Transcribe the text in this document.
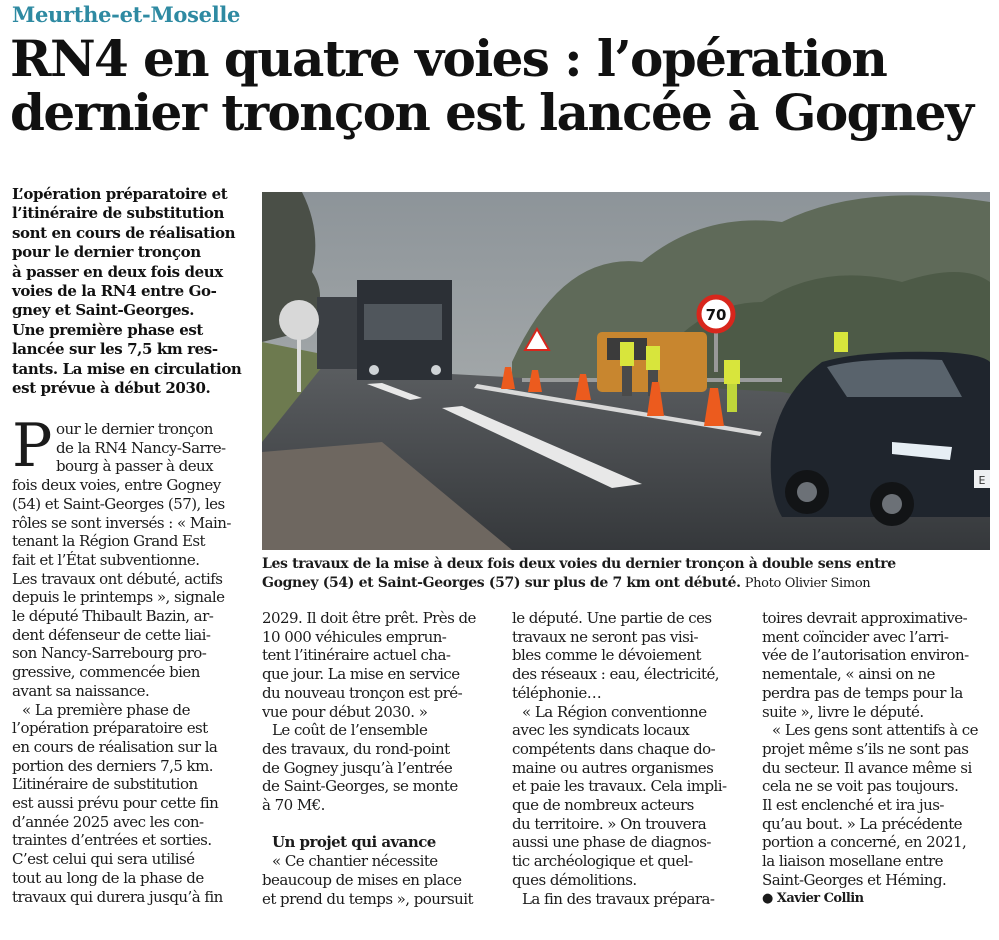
Meurthe-et-Moselle
RN4 en quatre voies : l’opération
dernier tronçon est lancée à Gogney
L’opération préparatoire et
l’itinéraire de substitution
sont en cours de réalisation
pour le dernier tronçon
à passer en deux fois deux
voies de la RN4 entre Go-
gney et Saint-Georges.
Une première phase est
lancée sur les 7,5 km res-
tants. La mise en circulation
est prévue à début 2030.
70
E
Les travaux de la mise à deux fois deux voies du dernier tronçon à double sens entre
Gogney (54) et Saint-Georges (57) sur plus de 7 km ont débuté. Photo Olivier Simon
P our le dernier tronçon
de la RN4 Nancy-Sarre-
bourg à passer à deux
fois deux voies, entre Gogney
(54) et Saint-Georges (57), les
rôles se sont inversés : « Main-
tenant la Région Grand Est
fait et l’État subventionne.
Les travaux ont débuté, actifs
depuis le printemps », signale
le député Thibault Bazin, ar-
dent défenseur de cette liai-
son Nancy-Sarrebourg pro-
gressive, commencée bien
avant sa naissance.
« La première phase de
l’opération préparatoire est
en cours de réalisation sur la
portion des derniers 7,5 km.
L’itinéraire de substitution
est aussi prévu pour cette fin
d’année 2025 avec les con-
traintes d’entrées et sorties.
C’est celui qui sera utilisé
tout au long de la phase de
travaux qui durera jusqu’à fin
2029. Il doit être prêt. Près de
10 000 véhicules emprun-
tent l’itinéraire actuel cha-
que jour. La mise en service
du nouveau tronçon est pré-
vue pour début 2030. »
Le coût de l’ensemble
des travaux, du rond-point
de Gogney jusqu’à l’entrée
de Saint-Georges, se monte
à 70 M€.
Un projet qui avance
« Ce chantier nécessite
beaucoup de mises en place
et prend du temps », poursuit
le député. Une partie de ces
travaux ne seront pas visi-
bles comme le dévoiement
des réseaux : eau, électricité,
téléphonie…
« La Région conventionne
avec les syndicats locaux
compétents dans chaque do-
maine ou autres organismes
et paie les travaux. Cela impli-
que de nombreux acteurs
du territoire. » On trouvera
aussi une phase de diagnos-
tic archéologique et quel-
ques démolitions.
La fin des travaux prépara-
toires devrait approximative-
ment coïncider avec l’arri-
vée de l’autorisation environ-
nementale, « ainsi on ne
perdra pas de temps pour la
suite », livre le député.
« Les gens sont attentifs à ce
projet même s’ils ne sont pas
du secteur. Il avance même si
cela ne se voit pas toujours.
Il est enclenché et ira jus-
qu’au bout. » La précédente
portion a concerné, en 2021,
la liaison mosellane entre
Saint-Georges et Héming.
● Xavier Collin
